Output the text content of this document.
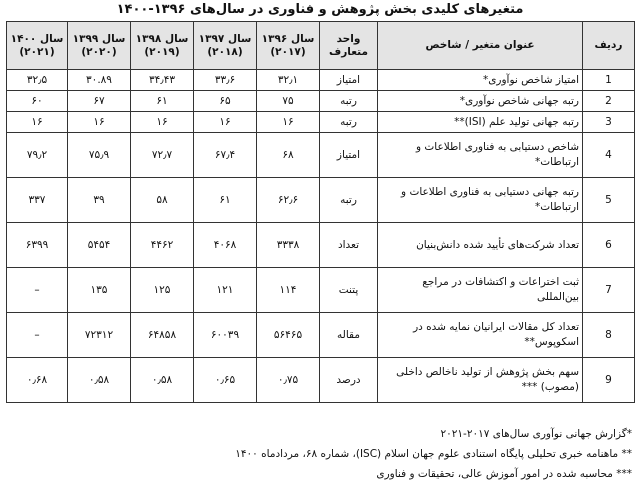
متغیرهای کلیدی بخش پژوهش و فناوری در سال‌های ۱۳۹۶-۱۴۰۰
ردیف	عنوان متغیر / شاخص	واحد متعارف	سال ۱۳۹۶ (۲۰۱۷)	سال ۱۳۹۷ (۲۰۱۸)	سال ۱۳۹۸ (۲۰۱۹)	سال ۱۳۹۹ (۲۰۲۰)	سال ۱۴۰۰ (۲۰۲۱)
1	امتیاز شاخص نوآوری*	امتیاز	۳۲٫۱	۳۳٫۶	۳۴٫۴۳	۳۰.۸۹	۳۲٫۵
2	رتبه جهانی شاخص نوآوری*	رتبه	۷۵	۶۵	۶۱	۶۷	۶۰
3	رتبه جهانی تولید علم (ISI)**	رتبه	۱۶	۱۶	۱۶	۱۶	۱۶
4	شاخص دستیابی به فناوری اطلاعات و ارتباطات*	امتیاز	۶۸	۶۷٫۴	۷۲٫۷	۷۵٫۹	۷۹٫۲
5	رتبه جهانی دستیابی به فناوری اطلاعات و ارتباطات*	رتبه	۶۲٫۶	۶۱	۵۸	۳۹	۳۳۷
6	تعداد شرکت‌های تأیید شده دانش‌بنیان	تعداد	۳۳۳۸	۴۰۶۸	۴۴۶۲	۵۴۵۴	۶۳۹۹
7	ثبت اختراعات و اکتشافات در مراجع بین‌المللی	پتنت	۱۱۴	۱۲۱	۱۲۵	۱۳۵	–
8	تعداد کل مقالات ایرانیان نمایه شده در اسکوپوس**	مقاله	۵۶۴۶۵	۶۰۰۳۹	۶۴۸۵۸	۷۲۳۱۲	–
9	سهم بخش پژوهش از تولید ناخالص داخلی (مصوب) ***	درصد	۰٫۷۵	۰٫۶۵	۰٫۵۸	۰٫۵۸	۰٫۶۸
*گزارش جهانی نوآوری سال‌های ۲۰۱۷-۲۰۲۱
** ماهنامه خبری تحلیلی پایگاه استنادی علوم جهان اسلام (ISC)، شماره ۶۸، مردادماه ۱۴۰۰
*** محاسبه شده در امور آموزش عالی، تحقیقات و فناوری
